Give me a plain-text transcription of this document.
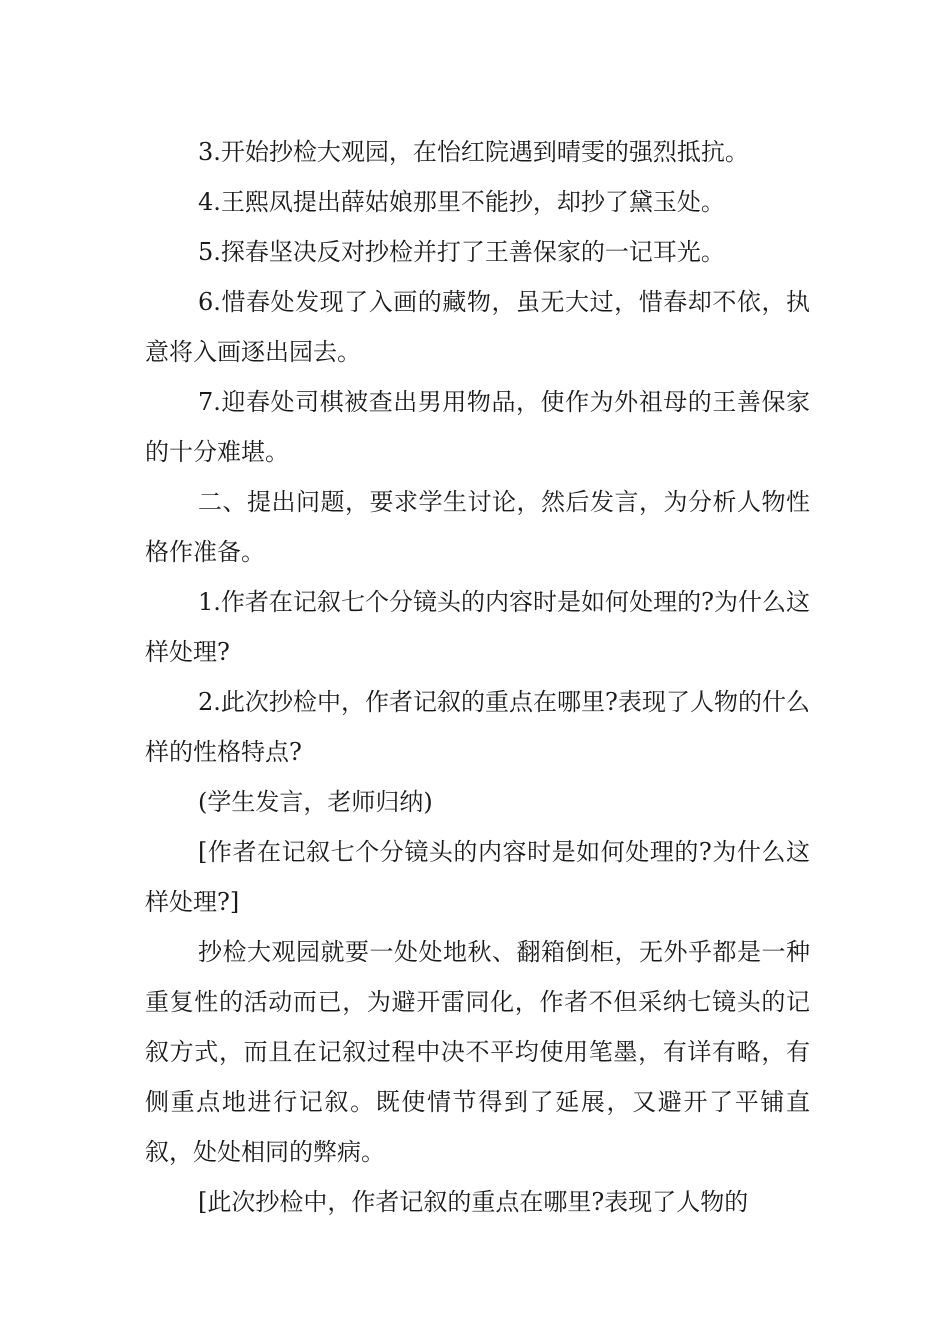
3.开始抄检大观园，在怡红院遇到晴雯的强烈抵抗。

4.王熙凤提出薛姑娘那里不能抄，却抄了黛玉处。

5.探春坚决反对抄检并打了王善保家的一记耳光。

6.惜春处发现了入画的藏物，虽无大过，惜春却不依，执意将入画逐出园去。

7.迎春处司棋被查出男用物品，使作为外祖母的王善保家的十分难堪。

二、提出问题，要求学生讨论，然后发言，为分析人物性格作准备。

1.作者在记叙七个分镜头的内容时是如何处理的?为什么这样处理?

2.此次抄检中，作者记叙的重点在哪里?表现了人物的什么样的性格特点?

(学生发言，老师归纳)

[作者在记叙七个分镜头的内容时是如何处理的?为什么这样处理?]

抄检大观园就要一处处地秋、翻箱倒柜，无外乎都是一种重复性的活动而已，为避开雷同化，作者不但采纳七镜头的记叙方式，而且在记叙过程中决不平均使用笔墨，有详有略，有侧重点地进行记叙。既使情节得到了延展，又避开了平铺直叙，处处相同的弊病。

[此次抄检中，作者记叙的重点在哪里?表现了人物的
